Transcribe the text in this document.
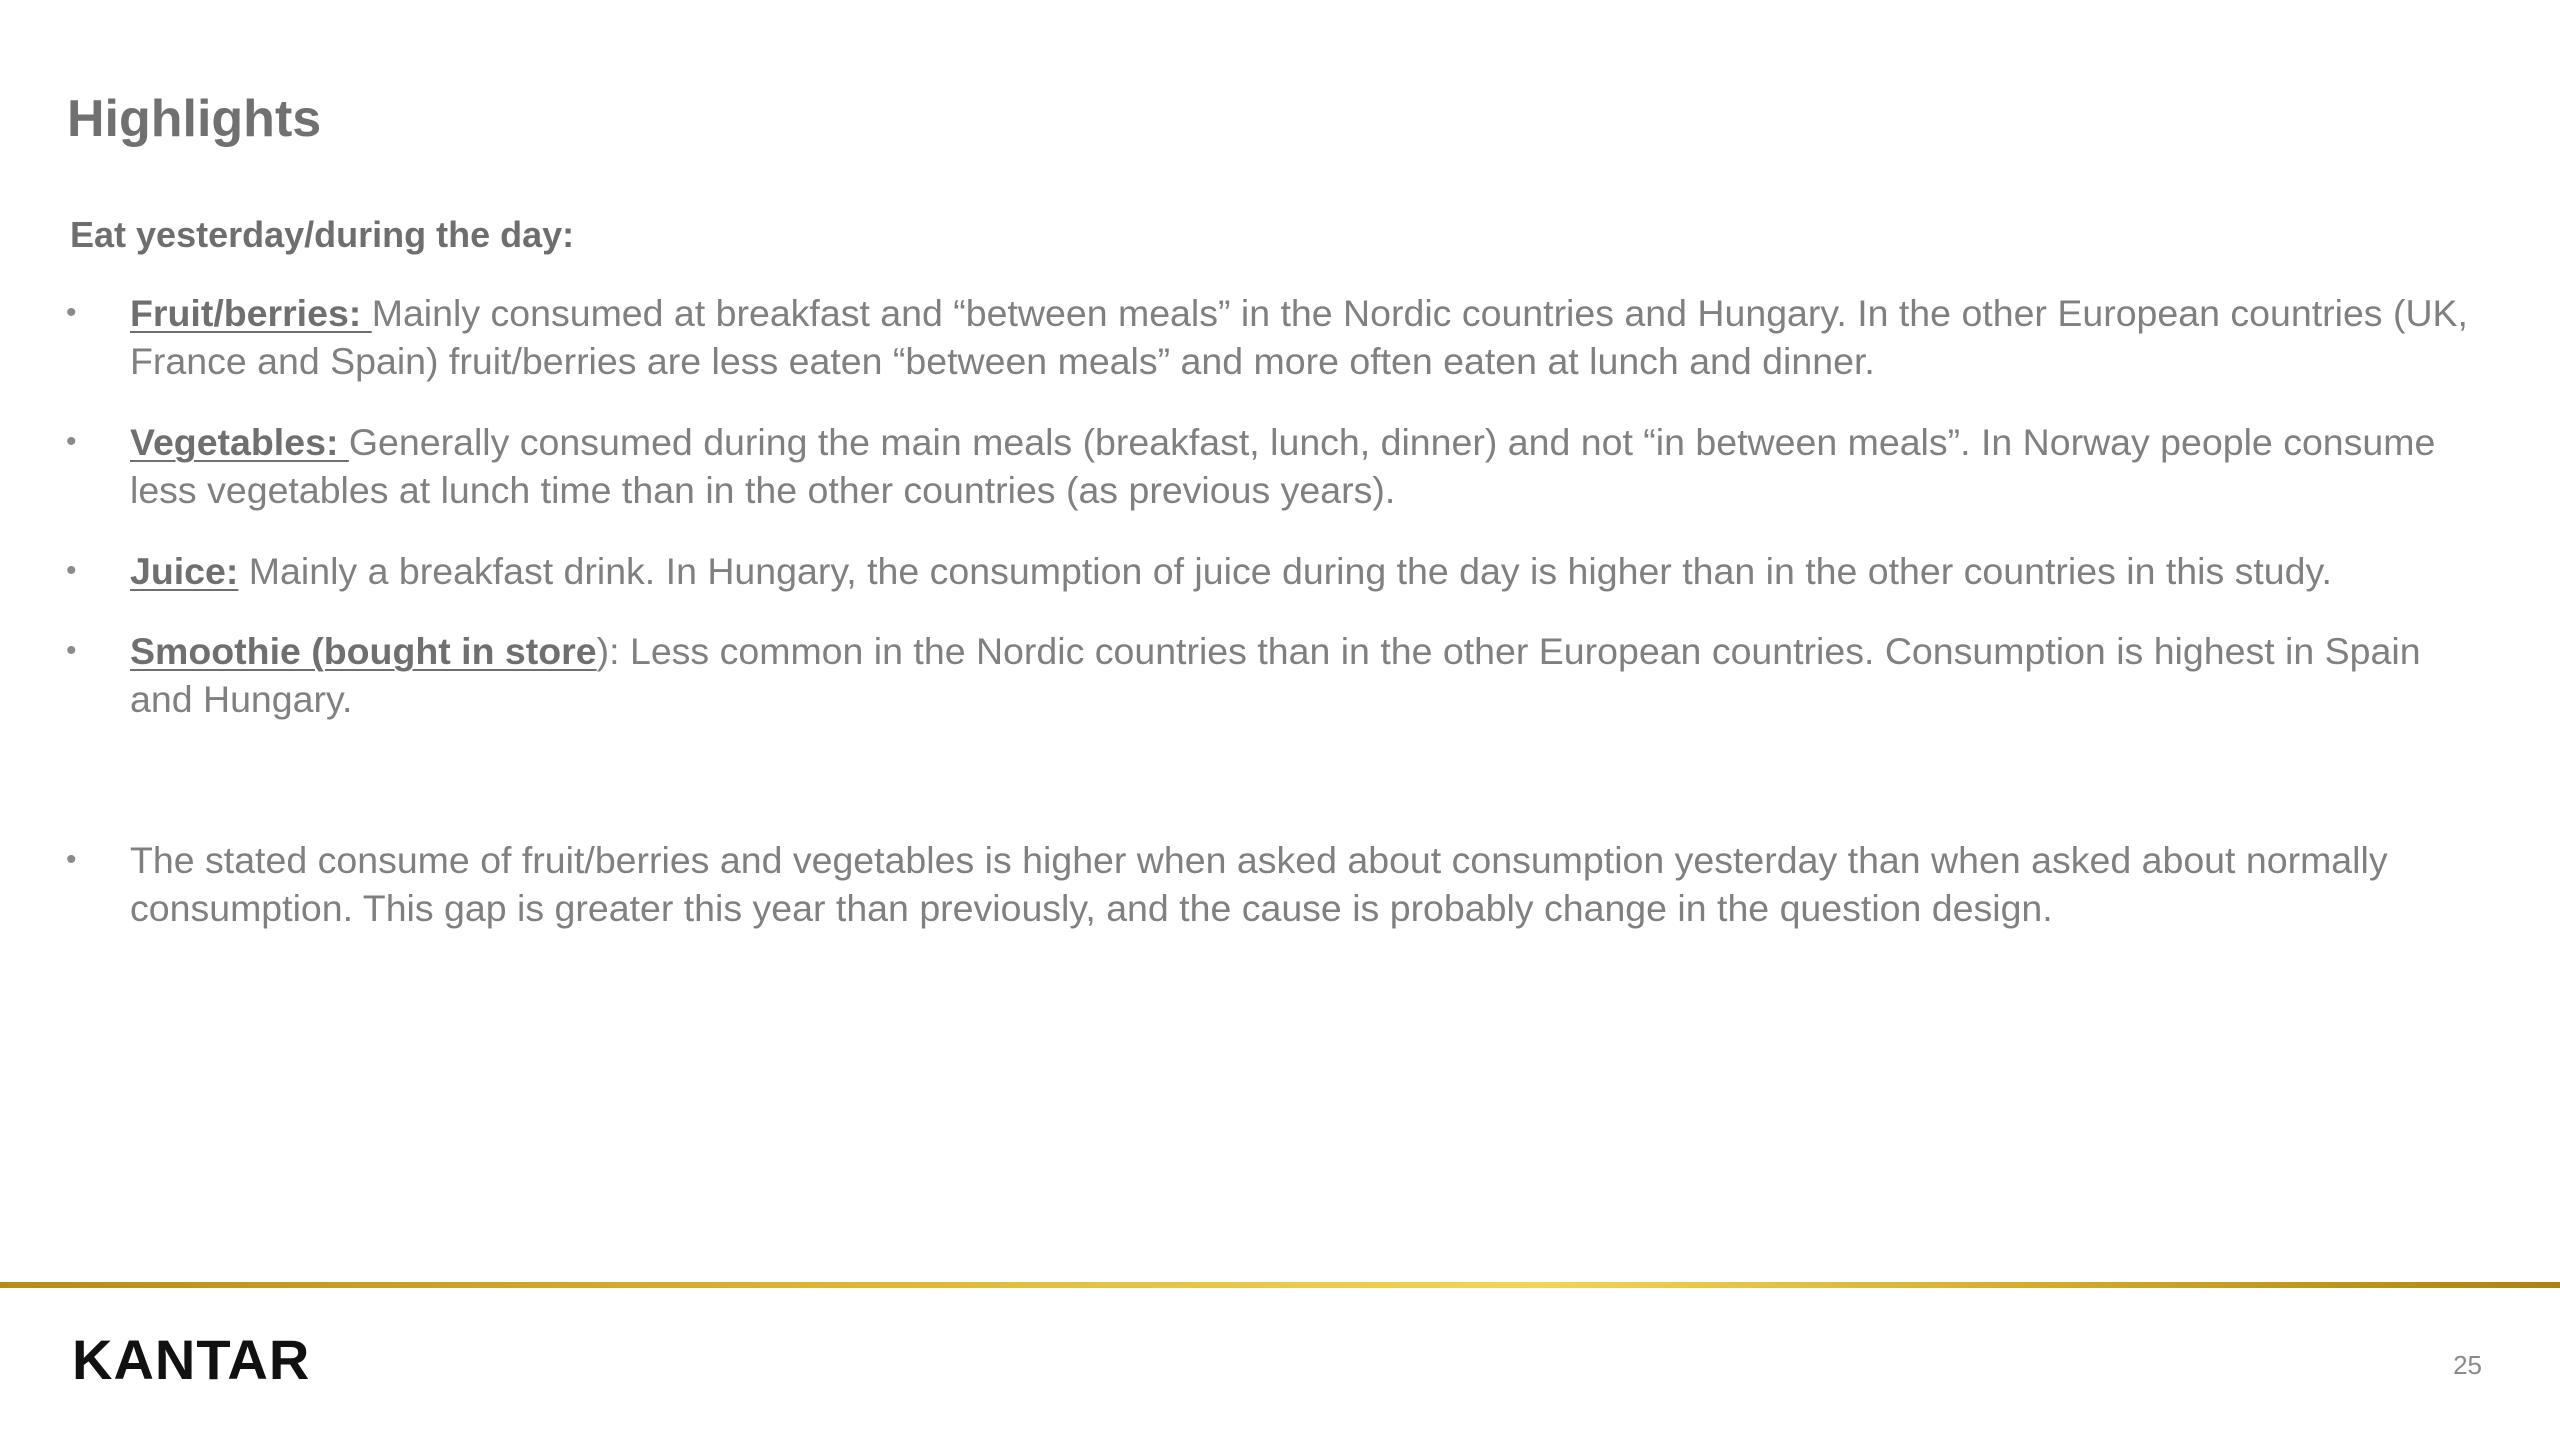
Highlights

Eat yesterday/during the day:

• Fruit/berries: Mainly consumed at breakfast and “between meals” in the Nordic countries and Hungary. In the other European countries (UK, France and Spain) fruit/berries are less eaten “between meals” and more often eaten at lunch and dinner.
• Vegetables: Generally consumed during the main meals (breakfast, lunch, dinner) and not “in between meals”. In Norway people consume less vegetables at lunch time than in the other countries (as previous years).
• Juice: Mainly a breakfast drink. In Hungary, the consumption of juice during the day is higher than in the other countries in this study.
• Smoothie (bought in store): Less common in the Nordic countries than in the other European countries. Consumption is highest in Spain and Hungary.
• The stated consume of fruit/berries and vegetables is higher when asked about consumption yesterday than when asked about normally consumption. This gap is greater this year than previously, and the cause is probably change in the question design.
KANTAR	25
